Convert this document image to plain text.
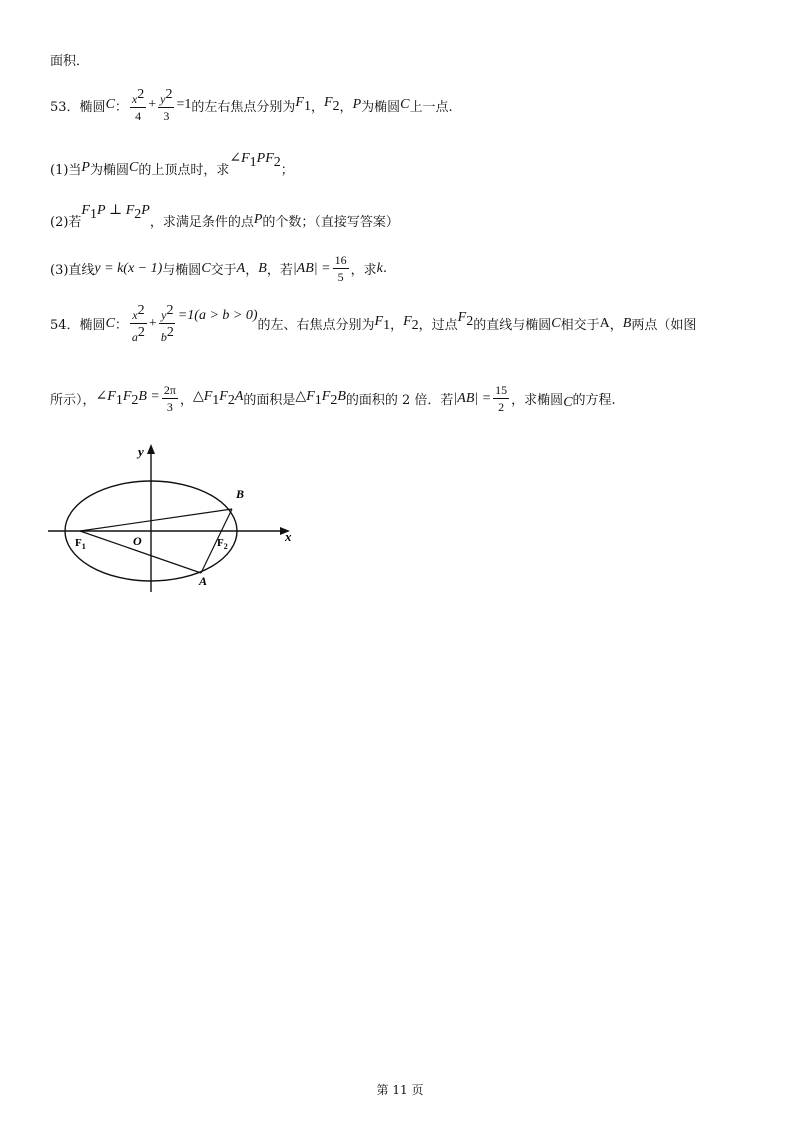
面积．
53． 椭圆 C ： $\frac{x^2}{4} + \frac{y^2}{3} =1$ 的左右焦点分别为 $F_1$ ， $F_2$ ， P 为椭圆 C 上一点.
(1)当 P 为椭圆 C 的上顶点时，求
$\angle F_1PF_2$
；
(2)若
$F_1P$ ⊥ $F_2P$
，求满足条件的点 P 的个数；（直接写答案）
(3)直线 y = k(x − 1) 与椭圆 C 交于 A ， B ，若 $|AB| = \frac{16}{5}$ ，求 k .
54． 椭圆 C ： $\frac{x^2}{a^2} + \frac{y^2}{b^2} =1(a > b > 0)$
的左、右焦点分别为 $F_1$ ， $F_2$ ，过点
$F_2$ 的直线与椭圆 C 相交于 A ， B 两点（如图
所示）， $\angle F_1F_2B = \frac{2\pi}{3}$ ， $\triangle F_1F_2A$ 的面积是 $\triangle F_1F_2B$ 的面积的 2 倍．若 $|AB| = \frac{15}{2}$ ，求椭圆 C 的方程.
y
x
O
$F_1$	$F_2$
B
A
第 11 页
